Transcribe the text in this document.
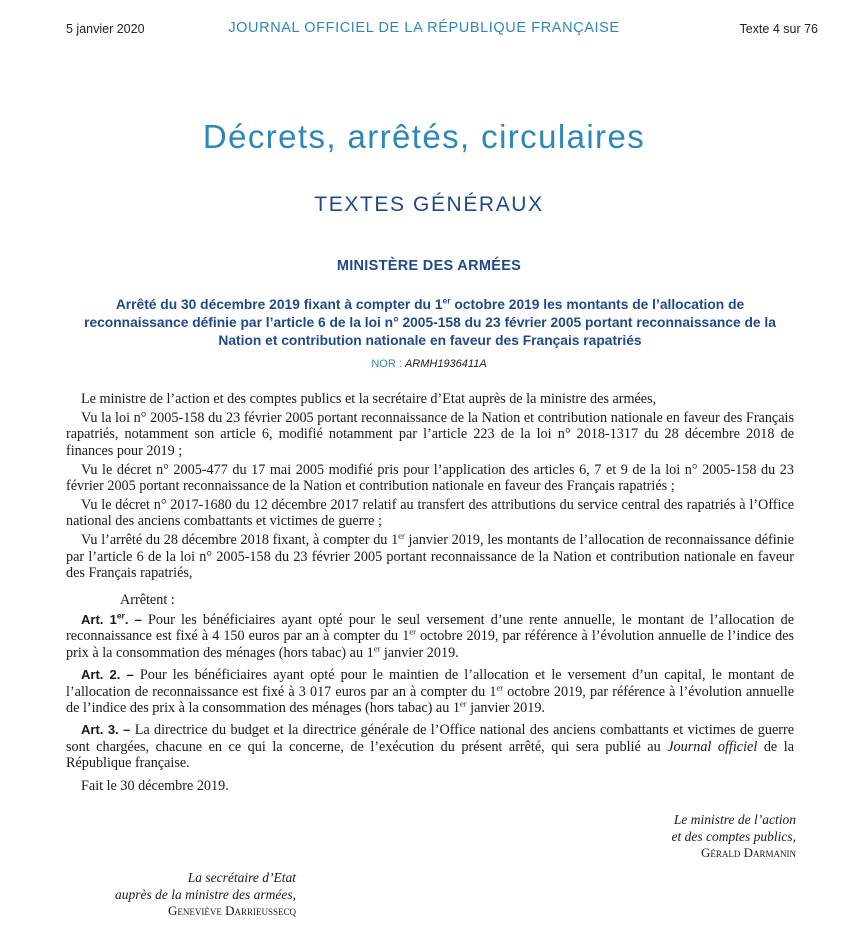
5 janvier 2020	JOURNAL OFFICIEL DE LA RÉPUBLIQUE FRANÇAISE	Texte 4 sur 76
Décrets, arrêtés, circulaires
TEXTES GÉNÉRAUX
MINISTÈRE DES ARMÉES
Arrêté du 30 décembre 2019 fixant à compter du 1er octobre 2019 les montants de l’allocation de reconnaissance définie par l’article 6 de la loi n° 2005-158 du 23 février 2005 portant reconnaissance de la Nation et contribution nationale en faveur des Français rapatriés
NOR : ARMH1936411A

Le ministre de l’action et des comptes publics et la secrétaire d’Etat auprès de la ministre des armées,

Vu la loi n° 2005-158 du 23 février 2005 portant reconnaissance de la Nation et contribution nationale en faveur des Français rapatriés, notamment son article 6, modifié notamment par l’article 223 de la loi n° 2018-1317 du 28 décembre 2018 de finances pour 2019 ;

Vu le décret n° 2005-477 du 17 mai 2005 modifié pris pour l’application des articles 6, 7 et 9 de la loi n° 2005-158 du 23 février 2005 portant reconnaissance de la Nation et contribution nationale en faveur des Français rapatriés ;

Vu le décret n° 2017-1680 du 12 décembre 2017 relatif au transfert des attributions du service central des rapatriés à l’Office national des anciens combattants et victimes de guerre ;

Vu l’arrêté du 28 décembre 2018 fixant, à compter du 1er janvier 2019, les montants de l’allocation de reconnaissance définie par l’article 6 de la loi n° 2005-158 du 23 février 2005 portant reconnaissance de la Nation et contribution nationale en faveur des Français rapatriés,

Arrêtent :

Art. 1er. – Pour les bénéficiaires ayant opté pour le seul versement d’une rente annuelle, le montant de l’allocation de reconnaissance est fixé à 4 150 euros par an à compter du 1er octobre 2019, par référence à l’évolution annuelle de l’indice des prix à la consommation des ménages (hors tabac) au 1er janvier 2019.

Art. 2. – Pour les bénéficiaires ayant opté pour le maintien de l’allocation et le versement d’un capital, le montant de l’allocation de reconnaissance est fixé à 3 017 euros par an à compter du 1er octobre 2019, par référence à l’évolution annuelle de l’indice des prix à la consommation des ménages (hors tabac) au 1er janvier 2019.

Art. 3. – La directrice du budget et la directrice générale de l’Office national des anciens combattants et victimes de guerre sont chargées, chacune en ce qui la concerne, de l’exécution du présent arrêté, qui sera publié au Journal officiel de la République française.

Fait le 30 décembre 2019.

Le ministre de l’action
et des comptes publics,
Gérald Darmanin
La secrétaire d’Etat
auprès de la ministre des armées,
Geneviève Darrieussecq
